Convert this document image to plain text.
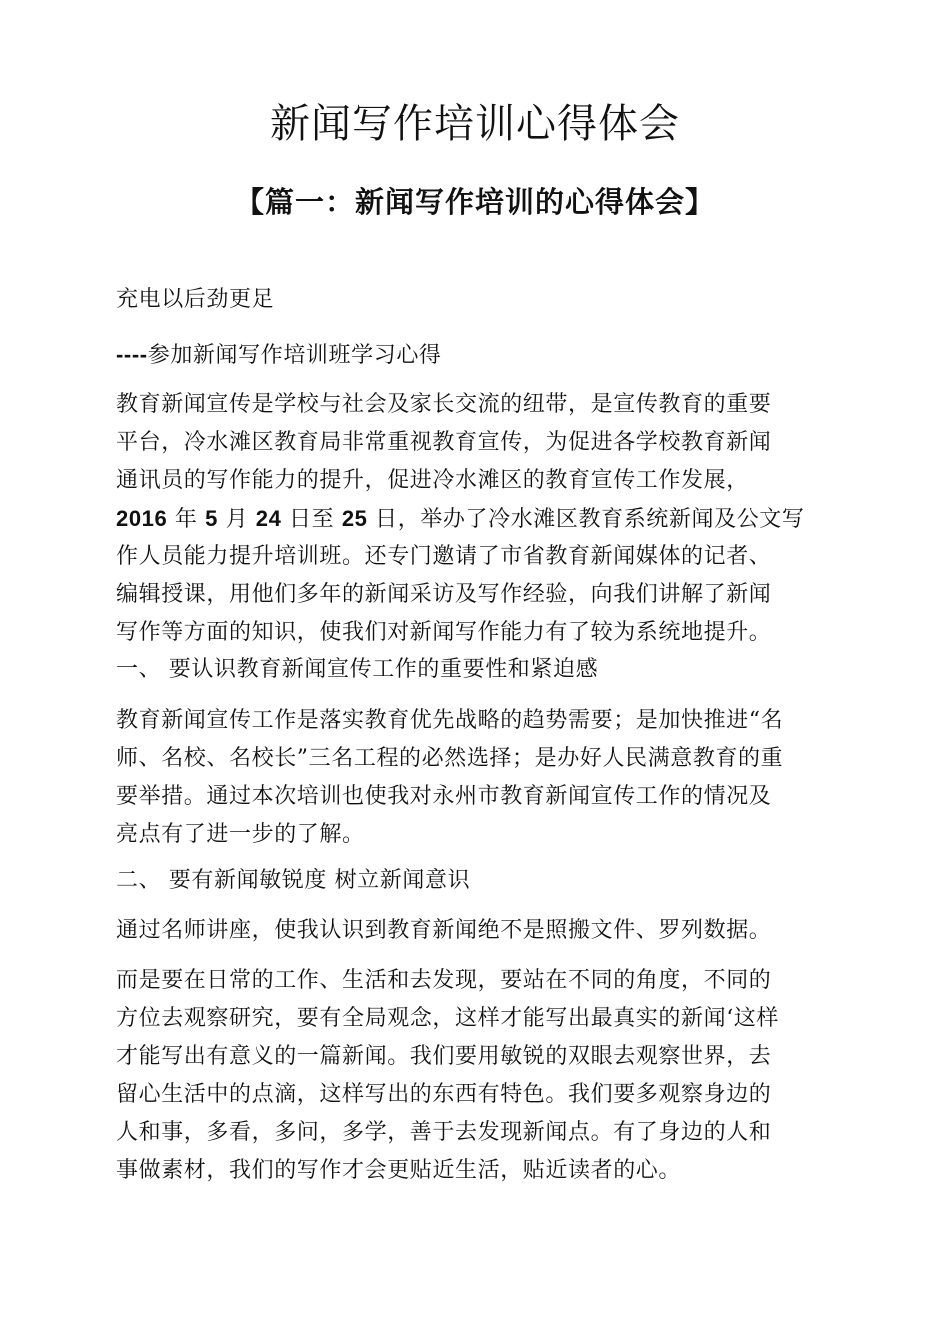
新闻写作培训心得体会
【篇一：新闻写作培训的心得体会】
充电以后劲更足
----参加新闻写作培训班学习心得
教育新闻宣传是学校与社会及家长交流的纽带，是宣传教育的重要
平台，冷水滩区教育局非常重视教育宣传，为促进各学校教育新闻
通讯员的写作能力的提升，促进冷水滩区的教育宣传工作发展，
2016 年 5 月 24 日至 25 日，举办了冷水滩区教育系统新闻及公文写
作人员能力提升培训班。还专门邀请了市省教育新闻媒体的记者、
编辑授课，用他们多年的新闻采访及写作经验，向我们讲解了新闻
写作等方面的知识，使我们对新闻写作能力有了较为系统地提升。
一、 要认识教育新闻宣传工作的重要性和紧迫感
教育新闻宣传工作是落实教育优先战略的趋势需要；是加快推进“名
师、名校、名校长”三名工程的必然选择；是办好人民满意教育的重
要举措。通过本次培训也使我对永州市教育新闻宣传工作的情况及
亮点有了进一步的了解。
二、 要有新闻敏锐度 树立新闻意识
通过名师讲座，使我认识到教育新闻绝不是照搬文件、罗列数据。
而是要在日常的工作、生活和去发现，要站在不同的角度，不同的
方位去观察研究，要有全局观念，这样才能写出最真实的新闻‘这样
才能写出有意义的一篇新闻。我们要用敏锐的双眼去观察世界，去
留心生活中的点滴，这样写出的东西有特色。我们要多观察身边的
人和事，多看，多问，多学，善于去发现新闻点。有了身边的人和
事做素材，我们的写作才会更贴近生活，贴近读者的心。
